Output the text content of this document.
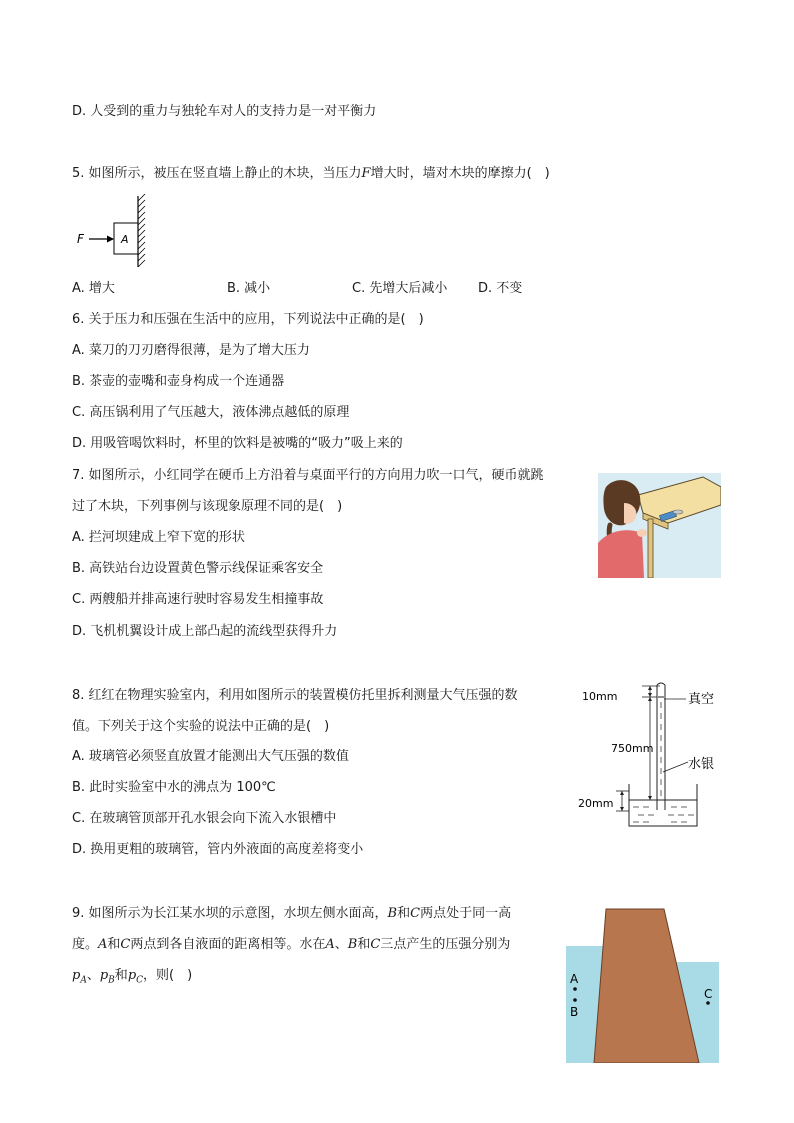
D. 人受到的重力与独轮车对人的支持力是一对平衡力
5. 如图所示，被压在竖直墙上静止的木块，当压力F增大时，墙对木块的摩擦力(　)
F	A
A. 增大	B. 减小	C. 先增大后减小 D. 不变
6. 关于压力和压强在生活中的应用，下列说法中正确的是(　)
A. 菜刀的刀刃磨得很薄，是为了增大压力
B. 茶壶的壶嘴和壶身构成一个连通器
C. 高压锅利用了气压越大，液体沸点越低的原理
D. 用吸管喝饮料时，杯里的饮料是被嘴的“吸力”吸上来的
7. 如图所示，小红同学在硬币上方沿着与桌面平行的方向用力吹一口气，硬币就跳
过了木块，下列事例与该现象原理不同的是(　)
A. 拦河坝建成上窄下宽的形状
B. 高铁站台边设置黄色警示线保证乘客安全
C. 两艘船并排高速行驶时容易发生相撞事故
D. 飞机机翼设计成上部凸起的流线型获得升力
8. 红红在物理实验室内，利用如图所示的装置模仿托里拆利测量大气压强的数
值。下列关于这个实验的说法中正确的是(　)
A. 玻璃管必须竖直放置才能测出大气压强的数值
B. 此时实验室中水的沸点为 100℃
C. 在玻璃管顶部开孔水银会向下流入水银槽中
D. 换用更粗的玻璃管，管内外液面的高度差将变小
10mm	真空
750mm
水银
20mm
9. 如图所示为长江某水坝的示意图，水坝左侧水面高，B和C两点处于同一高
度。A和C两点到各自液面的距离相等。水在A、B和C三点产生的压强分别为
$p_A$、$p_B$和$p_C$，则(　)	A
B
C
